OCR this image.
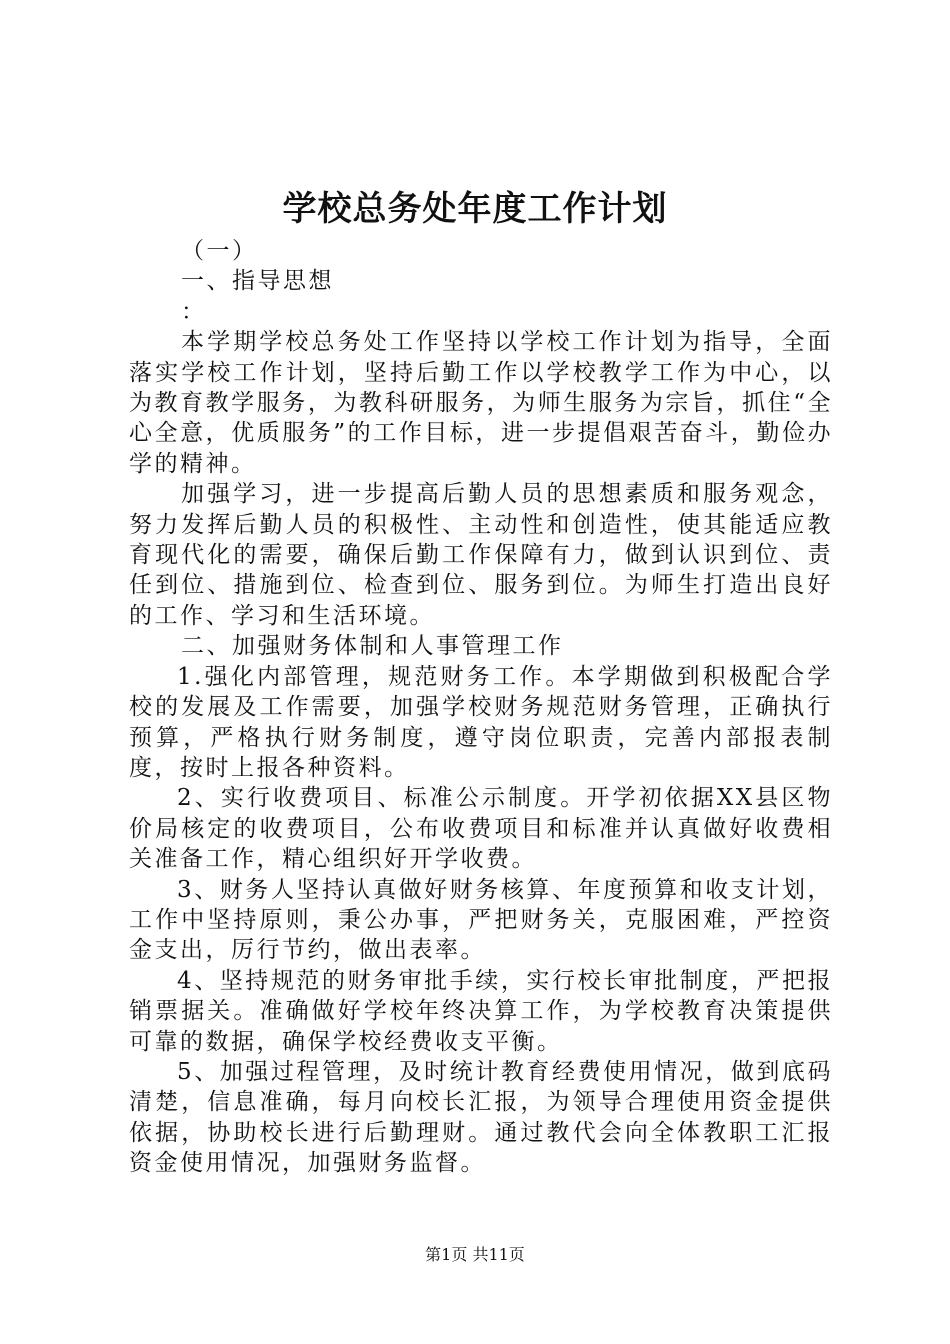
学校总务处年度工作计划

（一）

一、指导思想

：

本学期学校总务处工作坚持以学校工作计划为指导，全面落实学校工作计划，坚持后勤工作以学校教学工作为中心，以为教育教学服务，为教科研服务，为师生服务为宗旨，抓住“全心全意，优质服务”的工作目标，进一步提倡艰苦奋斗，勤俭办学的精神。

加强学习，进一步提高后勤人员的思想素质和服务观念，努力发挥后勤人员的积极性、主动性和创造性，使其能适应教育现代化的需要，确保后勤工作保障有力，做到认识到位、责任到位、措施到位、检查到位、服务到位。为师生打造出良好的工作、学习和生活环境。

二、加强财务体制和人事管理工作

1.强化内部管理，规范财务工作。本学期做到积极配合学校的发展及工作需要，加强学校财务规范财务管理，正确执行预算，严格执行财务制度，遵守岗位职责，完善内部报表制度，按时上报各种资料。

2、实行收费项目、标准公示制度。开学初依据XX县区物价局核定的收费项目，公布收费项目和标准并认真做好收费相关准备工作，精心组织好开学收费。

3、财务人坚持认真做好财务核算、年度预算和收支计划，工作中坚持原则，秉公办事，严把财务关，克服困难，严控资金支出，厉行节约，做出表率。

4、坚持规范的财务审批手续，实行校长审批制度，严把报销票据关。准确做好学校年终决算工作，为学校教育决策提供可靠的数据，确保学校经费收支平衡。

5、加强过程管理，及时统计教育经费使用情况，做到底码清楚，信息准确，每月向校长汇报，为领导合理使用资金提供依据，协助校长进行后勤理财。通过教代会向全体教职工汇报资金使用情况，加强财务监督。

第1页 共11页
